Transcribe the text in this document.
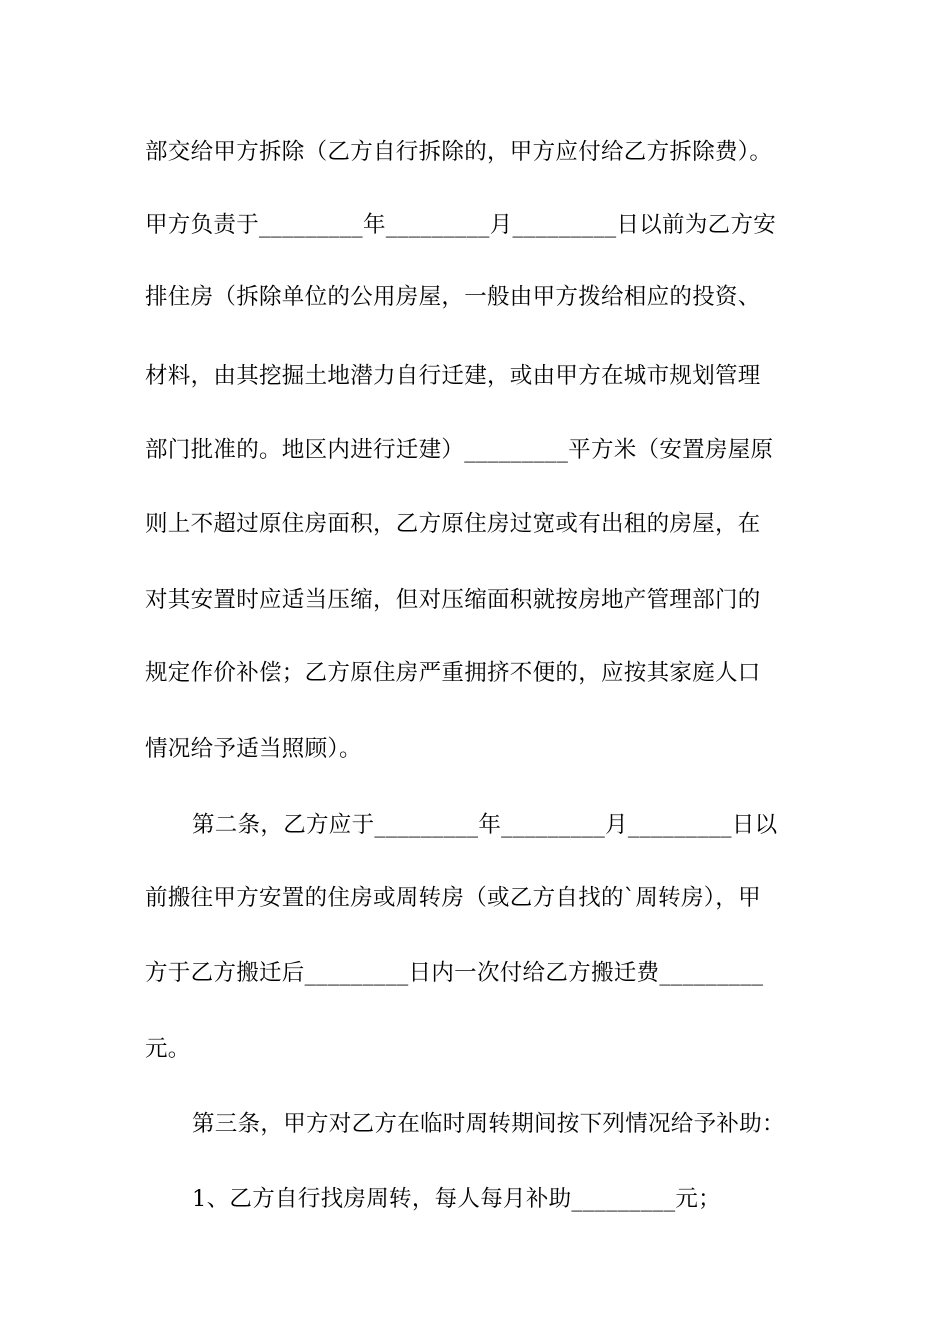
部交给甲方拆除（乙方自行拆除的，甲方应付给乙方拆除费）。
甲方负责于_________年_________月_________日以前为乙方安
排住房（拆除单位的公用房屋，一般由甲方拨给相应的投资、
材料，由其挖掘土地潜力自行迁建，或由甲方在城市规划管理
部门批准的。地区内进行迁建）_________平方米（安置房屋原
则上不超过原住房面积，乙方原住房过宽或有出租的房屋，在
对其安置时应适当压缩，但对压缩面积就按房地产管理部门的
规定作价补偿；乙方原住房严重拥挤不便的，应按其家庭人口
情况给予适当照顾）。
第二条，乙方应于_________年_________月_________日以
前搬往甲方安置的住房或周转房（或乙方自找的`周转房），甲
方于乙方搬迁后_________日内一次付给乙方搬迁费_________
元。
第三条，甲方对乙方在临时周转期间按下列情况给予补助：
1、乙方自行找房周转，每人每月补助_________元；
